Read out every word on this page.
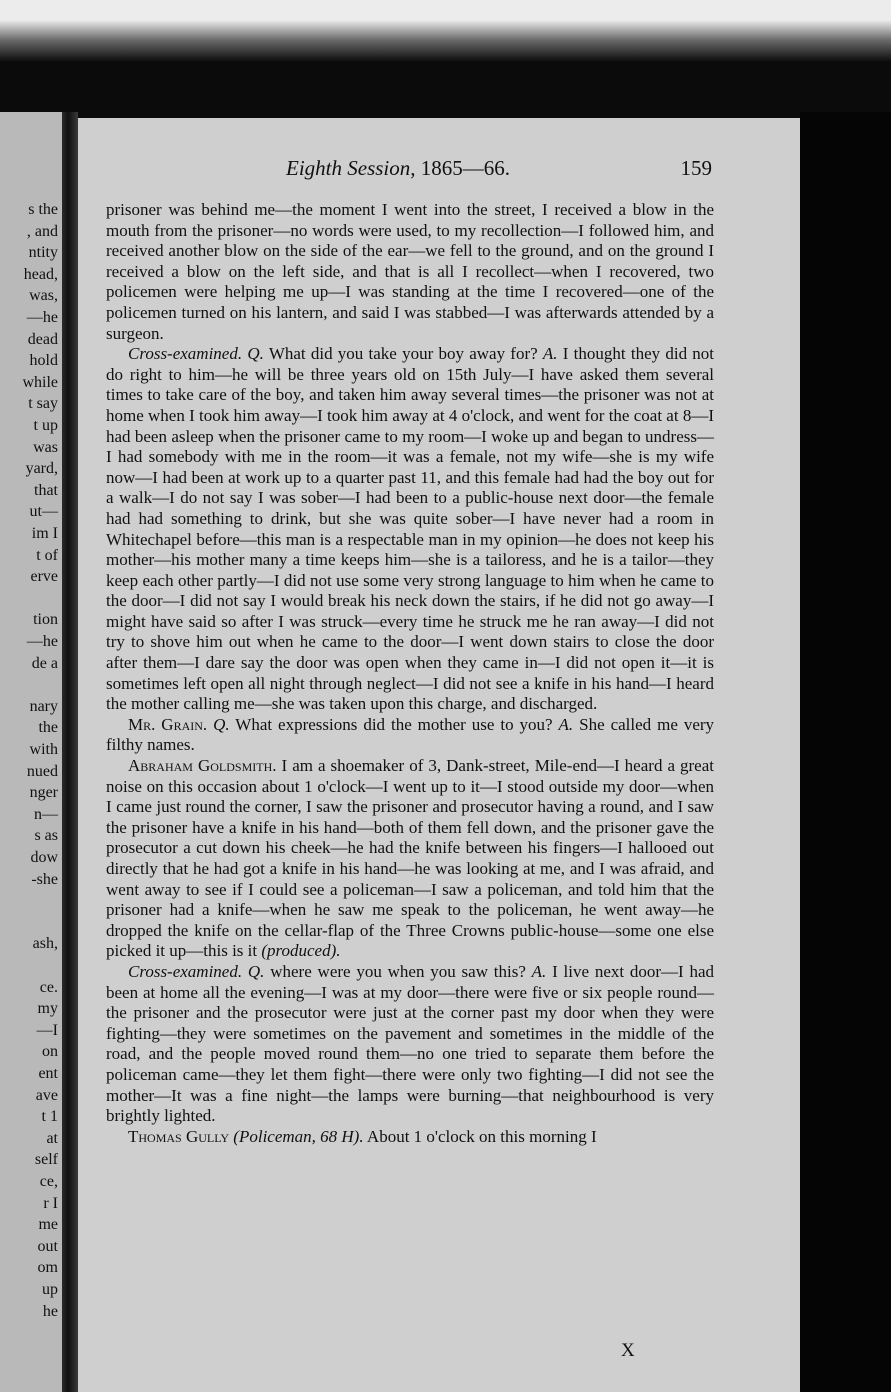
s the
, and
ntity
head,
was,
—he
dead
hold
while
t say
t up
was
yard,
that
ut—
im I
t of
erve
tion
—he
de a
nary
the
with
nued
nger
n—
s as
dow
-she
ash,
ce.
my
—I
on
ent
ave
t 1
at
self
ce,
r I
me
out
om
up
he
Eighth Session, 1865—66.	159

prisoner was behind me—the moment I went into the street, I received a blow in the mouth from the prisoner—no words were used, to my recollection—I followed him, and received another blow on the side of the ear—we fell to the ground, and on the ground I received a blow on the left side, and that is all I recollect—when I recovered, two policemen were helping me up—I was standing at the time I recovered—one of the policemen turned on his lantern, and said I was stabbed—I was afterwards attended by a surgeon.

Cross-examined. Q. What did you take your boy away for? A. I thought they did not do right to him—he will be three years old on 15th July—I have asked them several times to take care of the boy, and taken him away several times—the prisoner was not at home when I took him away—I took him away at 4 o'clock, and went for the coat at 8—I had been asleep when the prisoner came to my room—I woke up and began to undress—I had somebody with me in the room—it was a female, not my wife—she is my wife now—I had been at work up to a quarter past 11, and this female had had the boy out for a walk—I do not say I was sober—I had been to a public-house next door—the female had had something to drink, but she was quite sober—I have never had a room in Whitechapel before—this man is a respectable man in my opinion—he does not keep his mother—his mother many a time keeps him—she is a tailoress, and he is a tailor—they keep each other partly—I did not use some very strong language to him when he came to the door—I did not say I would break his neck down the stairs, if he did not go away—I might have said so after I was struck—every time he struck me he ran away—I did not try to shove him out when he came to the door—I went down stairs to close the door after them—I dare say the door was open when they came in—I did not open it—it is sometimes left open all night through neglect—I did not see a knife in his hand—I heard the mother calling me—she was taken upon this charge, and discharged.

Mr. Grain. Q. What expressions did the mother use to you? A. She called me very filthy names.

Abraham Goldsmith. I am a shoemaker of 3, Dank-street, Mile-end—I heard a great noise on this occasion about 1 o'clock—I went up to it—I stood outside my door—when I came just round the corner, I saw the prisoner and prosecutor having a round, and I saw the prisoner have a knife in his hand—both of them fell down, and the prisoner gave the prosecutor a cut down his cheek—he had the knife between his fingers—I hallooed out directly that he had got a knife in his hand—he was looking at me, and I was afraid, and went away to see if I could see a policeman—I saw a policeman, and told him that the prisoner had a knife—when he saw me speak to the policeman, he went away—he dropped the knife on the cellar-flap of the Three Crowns public-house—some one else picked it up—this is it (produced).

Cross-examined. Q. where were you when you saw this? A. I live next door—I had been at home all the evening—I was at my door—there were five or six people round—the prisoner and the prosecutor were just at the corner past my door when they were fighting—they were sometimes on the pavement and sometimes in the middle of the road, and the people moved round them—no one tried to separate them before the policeman came—they let them fight—there were only two fighting—I did not see the mother—It was a fine night—the lamps were burning—that neighbourhood is very brightly lighted.

Thomas Gully (Policeman, 68 H). About 1 o'clock on this morning I

X
